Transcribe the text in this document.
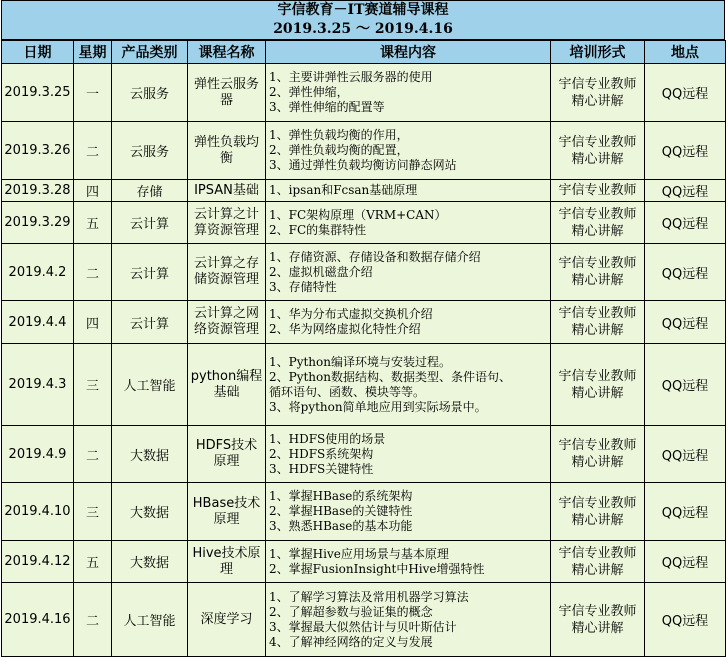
宇信教育－IT赛道辅导课程
2019.3.25 ～ 2019.4.16
日期	星期	产品类别	课程名称	课程内容	培训形式	地点
2019.3.25	一	云服务	弹性云服务器	1、主要讲弹性云服务器的使用
2、弹性伸缩，
3、弹性伸缩的配置等	宇信专业教师精心讲解	QQ远程
2019.3.26	二	云服务	弹性负载均衡	1、弹性负载均衡的作用，
2、弹性负载均衡的配置，
3、通过弹性负载均衡访问静态网站	宇信专业教师精心讲解	QQ远程
2019.3.28	四	存储	IPSAN基础	1、ipsan和Fcsan基础原理	宇信专业教师	QQ远程
2019.3.29	五	云计算	云计算之计算资源管理	1、FC架构原理（VRM+CAN）
2、FC的集群特性	宇信专业教师精心讲解	QQ远程
2019.4.2	二	云计算	云计算之存储资源管理	1、存储资源、存储设备和数据存储介绍
2、虚拟机磁盘介绍
3、存储特性	宇信专业教师精心讲解	QQ远程
2019.4.4	四	云计算	云计算之网络资源管理	1、华为分布式虚拟交换机介绍
2、华为网络虚拟化特性介绍	宇信专业教师精心讲解	QQ远程
2019.4.3	三	人工智能	python编程基础	1、Python编译环境与安装过程。
2、Python数据结构、数据类型、条件语句、
循环语句、函数、模块等等。
3、将python简单地应用到实际场景中。	宇信专业教师精心讲解	QQ远程
2019.4.9	二	大数据	HDFS技术原理	1、HDFS使用的场景
2、HDFS系统架构
3、HDFS关键特性	宇信专业教师精心讲解	QQ远程
2019.4.10	三	大数据	HBase技术原理	1、掌握HBase的系统架构
2、掌握HBase的关键特性
3、熟悉HBase的基本功能	宇信专业教师精心讲解	QQ远程
2019.4.12	五	大数据	Hive技术原理	1、掌握Hive应用场景与基本原理
2、掌握FusionInsight中Hive增强特性	宇信专业教师精心讲解	QQ远程
2019.4.16	二	人工智能	深度学习	1、了解学习算法及常用机器学习算法
2、了解超参数与验证集的概念
3、掌握最大似然估计与贝叶斯估计
4、了解神经网络的定义与发展	宇信专业教师精心讲解	QQ远程
